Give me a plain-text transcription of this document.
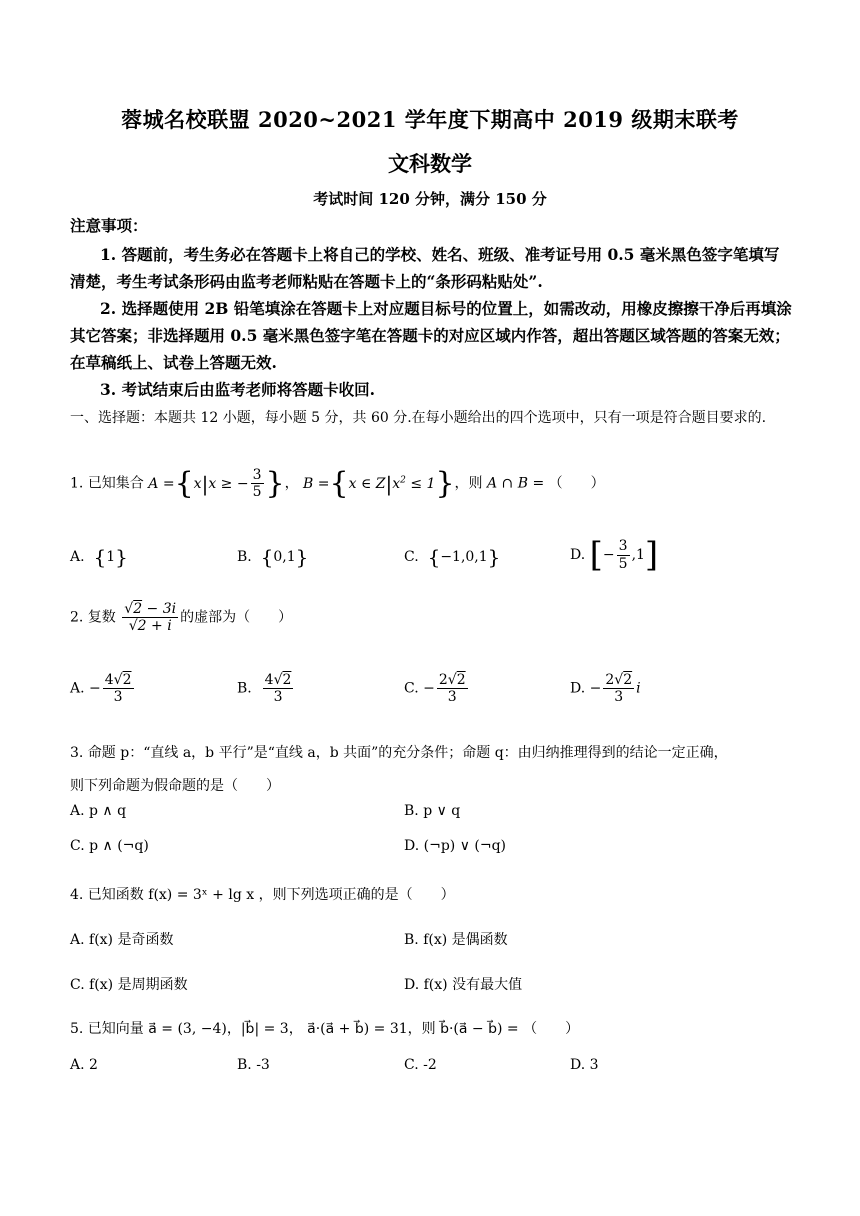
蓉城名校联盟 2020~2021 学年度下期高中 2019 级期末联考
文科数学
考试时间 120 分钟，满分 150 分
注意事项：
1. 答题前，考生务必在答题卡上将自己的学校、姓名、班级、准考证号用 0.5 毫米黑色签字笔填写清楚，考生考试条形码由监考老师粘贴在答题卡上的“条形码粘贴处”.
2. 选择题使用 2B 铅笔填涂在答题卡上对应题目标号的位置上，如需改动，用橡皮擦擦干净后再填涂其它答案；非选择题用 0.5 毫米黑色签字笔在答题卡的对应区域内作答，超出答题区域答题的答案无效；在草稿纸上、试卷上答题无效.
3. 考试结束后由监考老师将答题卡收回.
一、选择题：本题共 12 小题，每小题 5 分，共 60 分.在每小题给出的四个选项中，只有一项是符合题目要求的.
1. 已知集合 A ={x|x ≥ − $\frac{3}{5}$ }， B ={x ∈ $Z|x^2 \le 1$}，则 A ∩ B = （　　）
A. {1}	B. {0,1}	C. {−1,0,1}	D. [− $\frac{3}{5} ,1$]
2. 复数 $\frac{√2 - 3i}{√2 + i}$ 的虚部为（　　）
A. − $\frac{4√2}{3}$	B. $\frac{4√2}{3}$	C. − $\frac{2√2}{3}$	D. − $\frac{2√2}{3}$ i
3. 命题 p：“直线 a，b 平行”是“直线 a，b 共面”的充分条件；命题 q：由归纳推理得到的结论一定正确，
则下列命题为假命题的是（　　）
A. p ∧ q	B. p ∨ q
C. p ∧ (¬q)	D. (¬p) ∨ (¬q)
4. 已知函数 f(x) = 3ˣ + lg x ，则下列选项正确的是（　　）
A. f(x) 是奇函数	B. f(x) 是偶函数
C. f(x) 是周期函数	D. f(x) 没有最大值
5. 已知向量 a⃗ = (3, −4)，|b⃗| = 3， a⃗·(a⃗ + b⃗) = 31，则 b⃗·(a⃗ − b⃗) = （　　）
A. 2	B. -3	C. -2	D. 3
